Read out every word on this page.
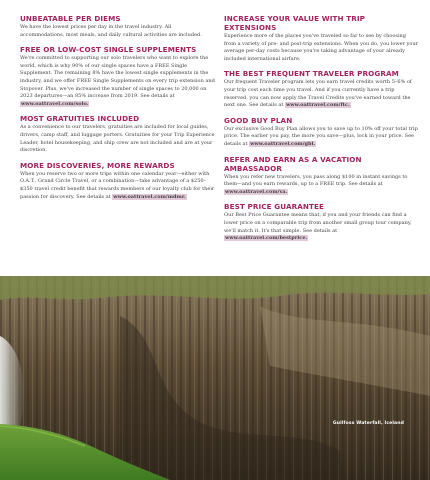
UNBEATABLE PER DIEMS
We have the lowest prices per day in the travel industry. All accommodations, most meals, and daily cultural activities are included.
FREE OR LOW-COST SINGLE SUPPLEMENTS
We're committed to supporting our solo travelers who want to explore the world, which is why 90% of our single spaces have a FREE Single Supplement. The remaining 8% have the lowest single supplements in the industry, and we offer FREE Single Supplements on every trip extension and Stopover. Plus, we've increased the number of single spaces to 20,000 on 2023 departures—an 85% increase from 2019. See details at www.oattravel.com/solo.
MOST GRATUITIES INCLUDED
As a convenience to our travelers, gratuities are included for local guides, drivers, camp staff, and luggage porters. Gratuities for your Trip Experience Leader, hotel housekeeping, and ship crew are not included and are at your discretion.
MORE DISCOVERIES, MORE REWARDS
When you reserve two or more trips within one calendar year—either with O.A.T., Grand Circle Travel, or a combination—take advantage of a $250–$350 travel credit benefit that rewards members of our loyalty club for their passion for discovery. See details at www.oattravel.com/mdmr.
INCREASE YOUR VALUE WITH TRIP EXTENSIONS
Experience more of the places you've traveled so far to see by choosing from a variety of pre- and post-trip extensions. When you do, you lower your average per-day costs because you're taking advantage of your already included international airfare.
THE BEST FREQUENT TRAVELER PROGRAM
Our frequent Traveler program lets you earn travel credits worth 5–6% of your trip cost each time you travel. And if you currently have a trip reserved, you can now apply the Travel Credits you've earned toward the next one. See details at www.oattravel.com/ftc.
GOOD BUY PLAN
Our exclusive Good Buy Plan allows you to save up to 10% off your total trip price. The earlier you pay, the more you save—plus, lock in your price. See details at www.oattravel.com/gbl.
REFER AND EARN AS A VACATION AMBASSADOR
When you refer new travelers, you pass along $100 in instant savings to them—and you earn rewards, up to a FREE trip. See details at www.oattravel.com/va.
BEST PRICE GUARANTEE
Our Best Price Guarantee means that, if you and your friends can find a lower price on a comparable trip from another small group tour company, we'll match it. It's that simple. See details at www.oattravel.com/bestprice.
Gullfoss Waterfall, Iceland
